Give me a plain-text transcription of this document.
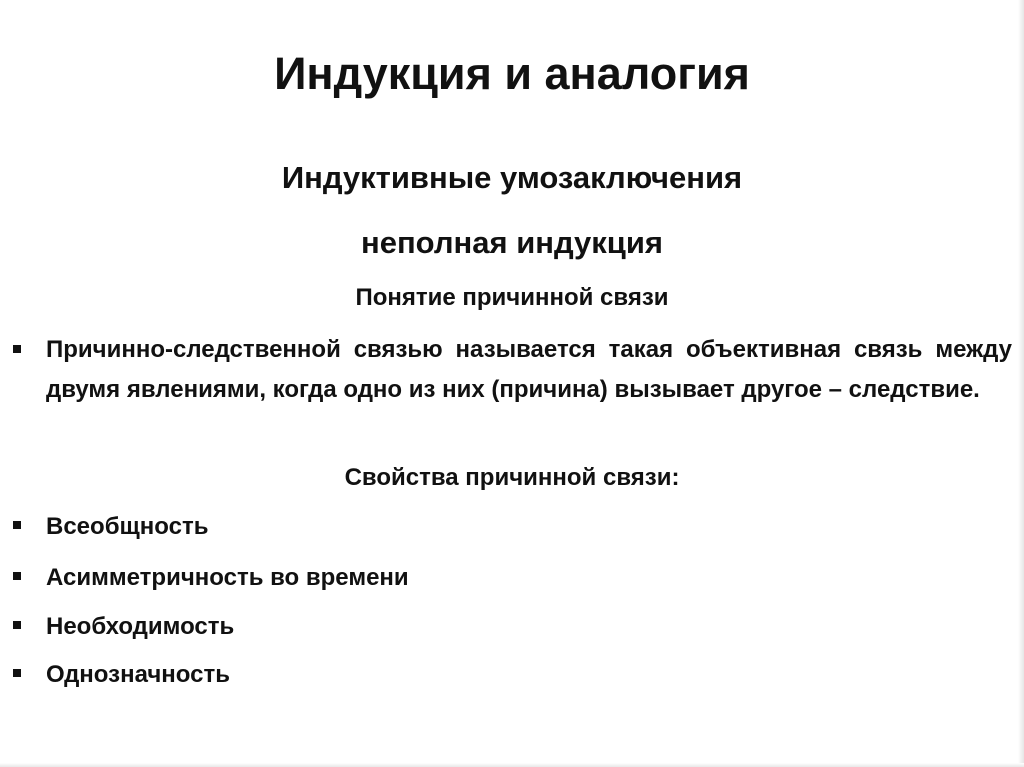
Индукция и аналогия
Индуктивные умозаключения
неполная индукция
Понятие причинной связи
Причинно-следственной связью называется такая объективная связь между двумя явлениями, когда одно из них (причина) вызывает другое – следствие.
Свойства причинной связи:
Всеобщность
Асимметричность во времени
Необходимость
Однозначность
